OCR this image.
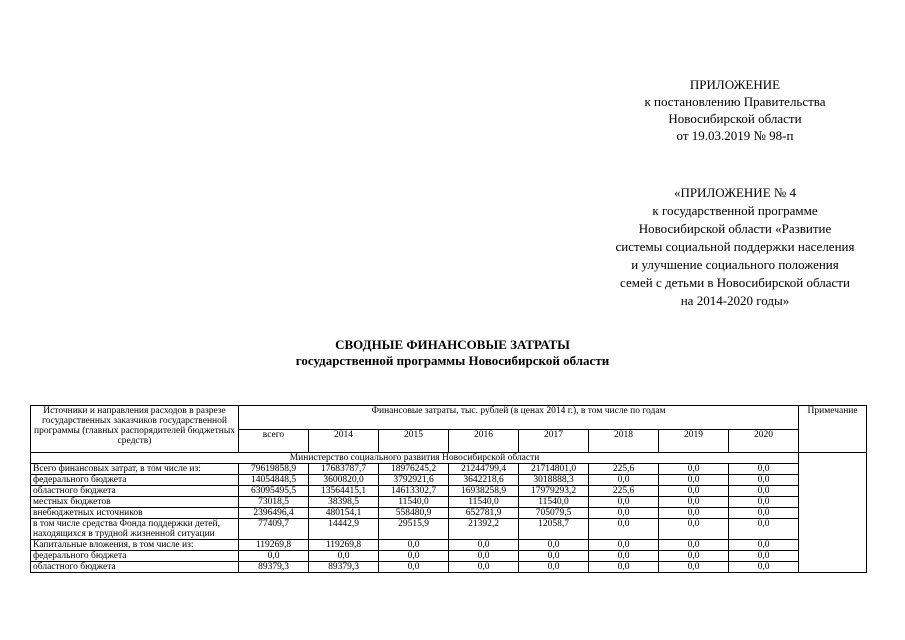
ПРИЛОЖЕНИЕ
к постановлению Правительства
Новосибирской области
от 19.03.2019 № 98-п
«ПРИЛОЖЕНИЕ № 4
к государственной программе
Новосибирской области «Развитие
системы социальной поддержки населения
и улучшение социального положения
семей с детьми в Новосибирской области
на 2014-2020 годы»
СВОДНЫЕ ФИНАНСОВЫЕ ЗАТРАТЫ
государственной программы Новосибирской области
Источники и направления расходов в разрезе государственных заказчиков государственной программы (главных распорядителей бюджетных средств)	Финансовые затраты, тыс. рублей (в ценах 2014 г.), в том числе по годам								Примечание
	всего	2014	2015	2016	2017	2018	2019	2020	
Министерство социального развития Новосибирской области									
Всего финансовых затрат, в том числе из:	79619858,9	17683787,7	18976245,2	21244799,4	21714801,0	225,6	0,0	0,0	
федерального бюджета	14054848,5	3600820,0	3792921,6	3642218,6	3018888,3	0,0	0,0	0,0	
областного бюджета	63095495,5	13564415,1	14613302,7	16938258,9	17979293,2	225,6	0,0	0,0	
местных бюджетов	73018,5	38398,5	11540,0	11540,0	11540,0	0,0	0,0	0,0	
внебюджетных источников	2396496,4	480154,1	558480,9	652781,9	705079,5	0,0	0,0	0,0	
в том числе средства Фонда поддержки детей, находящихся в трудной жизненной ситуации	77409,7	14442,9	29515,9	21392,2	12058,7	0,0	0,0	0,0	
Капитальные вложения, в том числе из:	119269,8	119269,8	0,0	0,0	0,0	0,0	0,0	0,0	
федерального бюджета	0,0	0,0	0,0	0,0	0,0	0,0	0,0	0,0	
областного бюджета	89379,3	89379,3	0,0	0,0	0,0	0,0	0,0	0,0	
